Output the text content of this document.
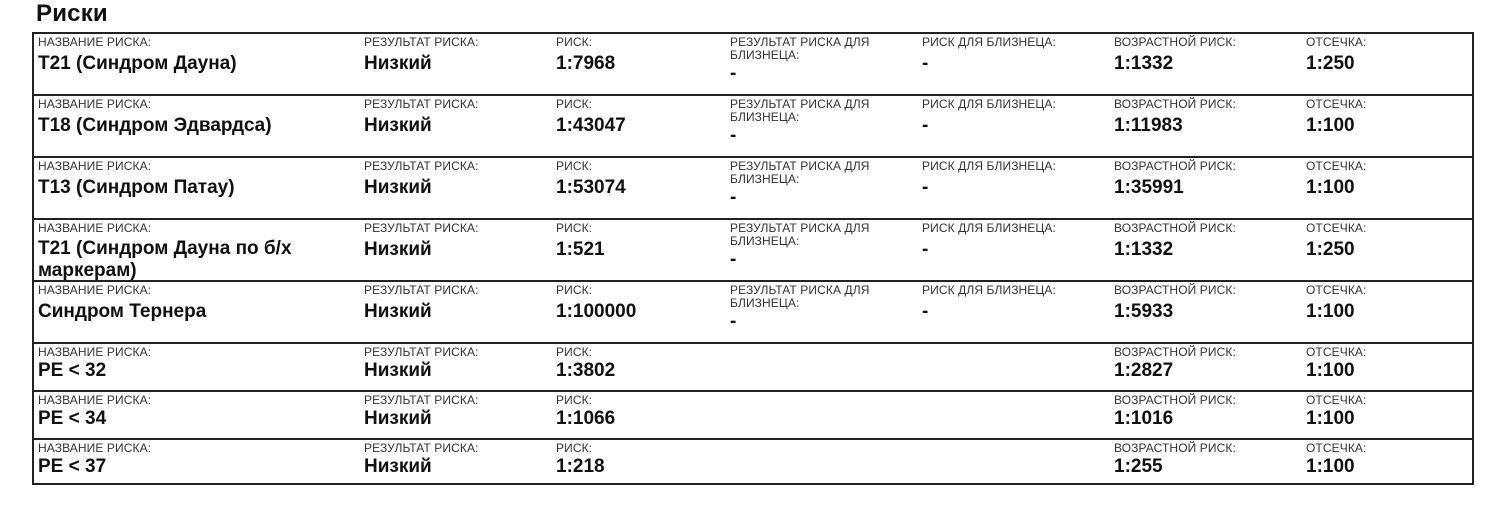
Риски
НАЗВАНИЕ РИСКА:
T21 (Синдром Дауна)
РЕЗУЛЬТАТ РИСКА:
Низкий
РИСК:
1:7968
РЕЗУЛЬТАТ РИСКА ДЛЯ БЛИЗНЕЦА:
-
РИСК ДЛЯ БЛИЗНЕЦА:
-
ВОЗРАСТНОЙ РИСК:
1:1332
ОТСЕЧКА:
1:250
НАЗВАНИЕ РИСКА:
T18 (Синдром Эдвардса)
РЕЗУЛЬТАТ РИСКА:
Низкий
РИСК:
1:43047
РЕЗУЛЬТАТ РИСКА ДЛЯ БЛИЗНЕЦА:
-
РИСК ДЛЯ БЛИЗНЕЦА:
-
ВОЗРАСТНОЙ РИСК:
1:11983
ОТСЕЧКА:
1:100
НАЗВАНИЕ РИСКА:
T13 (Синдром Патау)
РЕЗУЛЬТАТ РИСКА:
Низкий
РИСК:
1:53074
РЕЗУЛЬТАТ РИСКА ДЛЯ БЛИЗНЕЦА:
-
РИСК ДЛЯ БЛИЗНЕЦА:
-
ВОЗРАСТНОЙ РИСК:
1:35991
ОТСЕЧКА:
1:100
НАЗВАНИЕ РИСКА:
T21 (Синдром Дауна по б/х маркерам)
РЕЗУЛЬТАТ РИСКА:
Низкий
РИСК:
1:521
РЕЗУЛЬТАТ РИСКА ДЛЯ БЛИЗНЕЦА:
-
РИСК ДЛЯ БЛИЗНЕЦА:
-
ВОЗРАСТНОЙ РИСК:
1:1332
ОТСЕЧКА:
1:250
НАЗВАНИЕ РИСКА:
Синдром Тернера
РЕЗУЛЬТАТ РИСКА:
Низкий
РИСК:
1:100000
РЕЗУЛЬТАТ РИСКА ДЛЯ БЛИЗНЕЦА:
-
РИСК ДЛЯ БЛИЗНЕЦА:
-
ВОЗРАСТНОЙ РИСК:
1:5933
ОТСЕЧКА:
1:100
НАЗВАНИЕ РИСКА:
PE < 32
РЕЗУЛЬТАТ РИСКА:
Низкий
РИСК:
1:3802
ВОЗРАСТНОЙ РИСК:
1:2827
ОТСЕЧКА:
1:100
НАЗВАНИЕ РИСКА:
PE < 34
РЕЗУЛЬТАТ РИСКА:
Низкий
РИСК:
1:1066
ВОЗРАСТНОЙ РИСК:
1:1016
ОТСЕЧКА:
1:100
НАЗВАНИЕ РИСКА:
PE < 37
РЕЗУЛЬТАТ РИСКА:
Низкий
РИСК:
1:218
ВОЗРАСТНОЙ РИСК:
1:255
ОТСЕЧКА:
1:100
